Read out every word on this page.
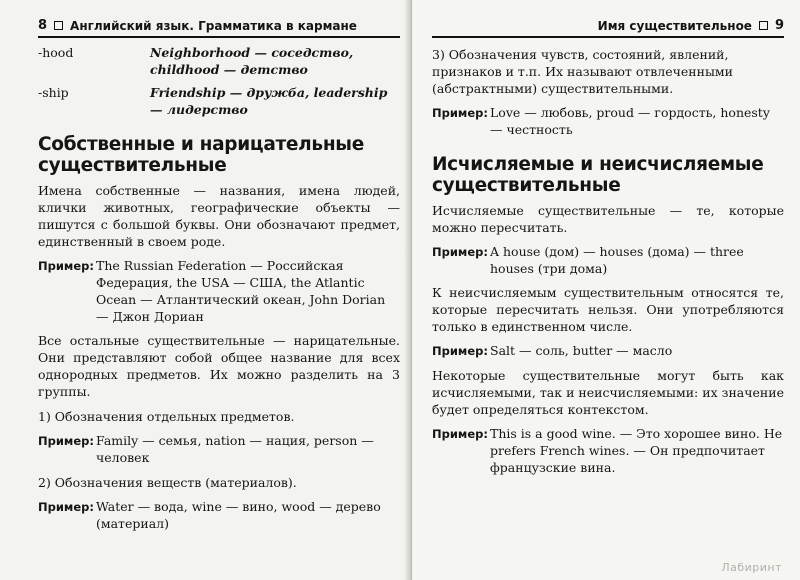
8 Английский язык. Грамматика в кармане
-hood	Neighborhood — соседство, childhood — детство
-ship	Friendship — дружба, leadership — лидерство
Собственные и нарицательные существительные

Имена собственные — названия, имена людей, клички животных, географические объекты — пишутся с большой буквы. Они обозначают предмет, единственный в своем роде.

Пример: The Russian Federation — Российская Федерация, the USA — США, the Atlantic Ocean — Атлантический океан, John Dorian — Джон Дориан

Все остальные существительные — нарицательные. Они представляют собой общее название для всех однородных предметов. Их можно разделить на 3 группы.

1) Обозначения отдельных предметов.
Пример: Family — семья, nation — нация, person — человек
2) Обозначения веществ (материалов).
Пример: Water — вода, wine — вино, wood — дерево (материал)
Имя существительное 9
3) Обозначения чувств, состояний, явлений, признаков и т.п. Их называют отвлеченными (абстрактными) существительными.
Пример: Love — любовь, proud — гордость, honesty — честность
Исчисляемые и неисчисляемые существительные

Исчисляемые существительные — те, которые можно пересчитать.

Пример: A house (дом) — houses (дома) — three houses (три дома)

К неисчисляемым существительным относятся те, которые пересчитать нельзя. Они употребляются только в единственном числе.

Пример: Salt — соль, butter — масло

Некоторые существительные могут быть как исчисляемыми, так и неисчисляемыми: их значение будет определяться контекстом.

Пример: This is a good wine. — Это хорошее вино. He prefers French wines. — Он предпочитает французские вина.
Лабиринт
